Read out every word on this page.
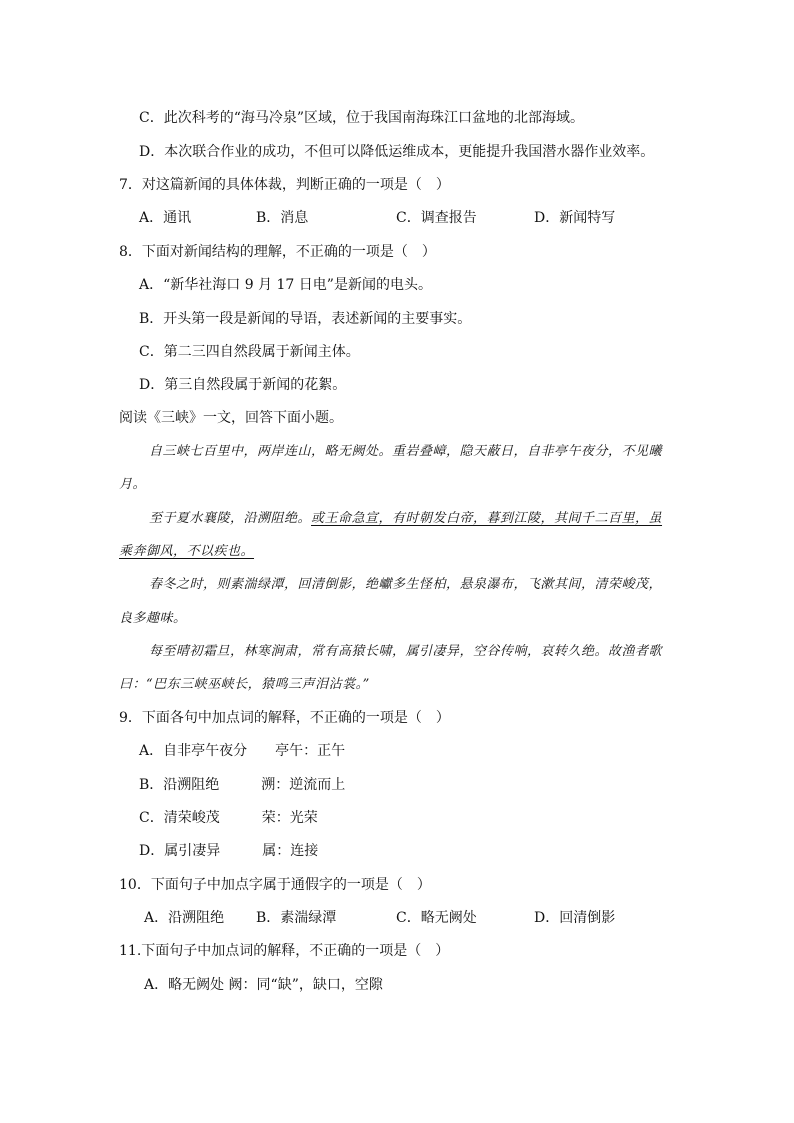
C．此次科考的“海马冷泉”区域，位于我国南海珠江口盆地的北部海域。
D．本次联合作业的成功，不但可以降低运维成本，更能提升我国潜水器作业效率。
7．对这篇新闻的具体体裁，判断正确的一项是（　）
A．通讯	B．消息	C．调查报告	D．新闻特写
8．下面对新闻结构的理解，不正确的一项是（　）
A．“新华社海口 9 月 17 日电”是新闻的电头。
B．开头第一段是新闻的导语，表述新闻的主要事实。
C．第二三四自然段属于新闻主体。
D．第三自然段属于新闻的花絮。
阅读《三峡》一文，回答下面小题。
自三峡七百里中，两岸连山，略无阙处。重岩叠嶂，隐天蔽日，自非亭午夜分，不见曦
月。
至于夏水襄陵，沿溯阻绝。或王命急宣，有时朝发白帝，暮到江陵，其间千二百里，虽
乘奔御风，不以疾也。
春冬之时，则素湍绿潭，回清倒影，绝巘多生怪柏，悬泉瀑布，飞漱其间，清荣峻茂，
良多趣味。
每至晴初霜旦，林寒涧肃，常有高猿长啸，属引凄异，空谷传响，哀转久绝。故渔者歌
曰：“巴东三峡巫峡长，猿鸣三声泪沾裳。”
9．下面各句中加点词的解释，不正确的一项是（　）
A．自非亭午夜分　　亭午：正午
B．沿溯阻绝　　　溯：逆流而上
C．清荣峻茂　　　荣：光荣
D．属引凄异　　　属：连接
10．下面句子中加点字属于通假字的一项是（　）
A．沿溯阻绝 B．素湍绿潭	C．略无阙处	D．回清倒影
11.下面句子中加点词的解释，不正确的一项是（　）
A．略无阙处 阙：同“缺”，缺口，空隙
